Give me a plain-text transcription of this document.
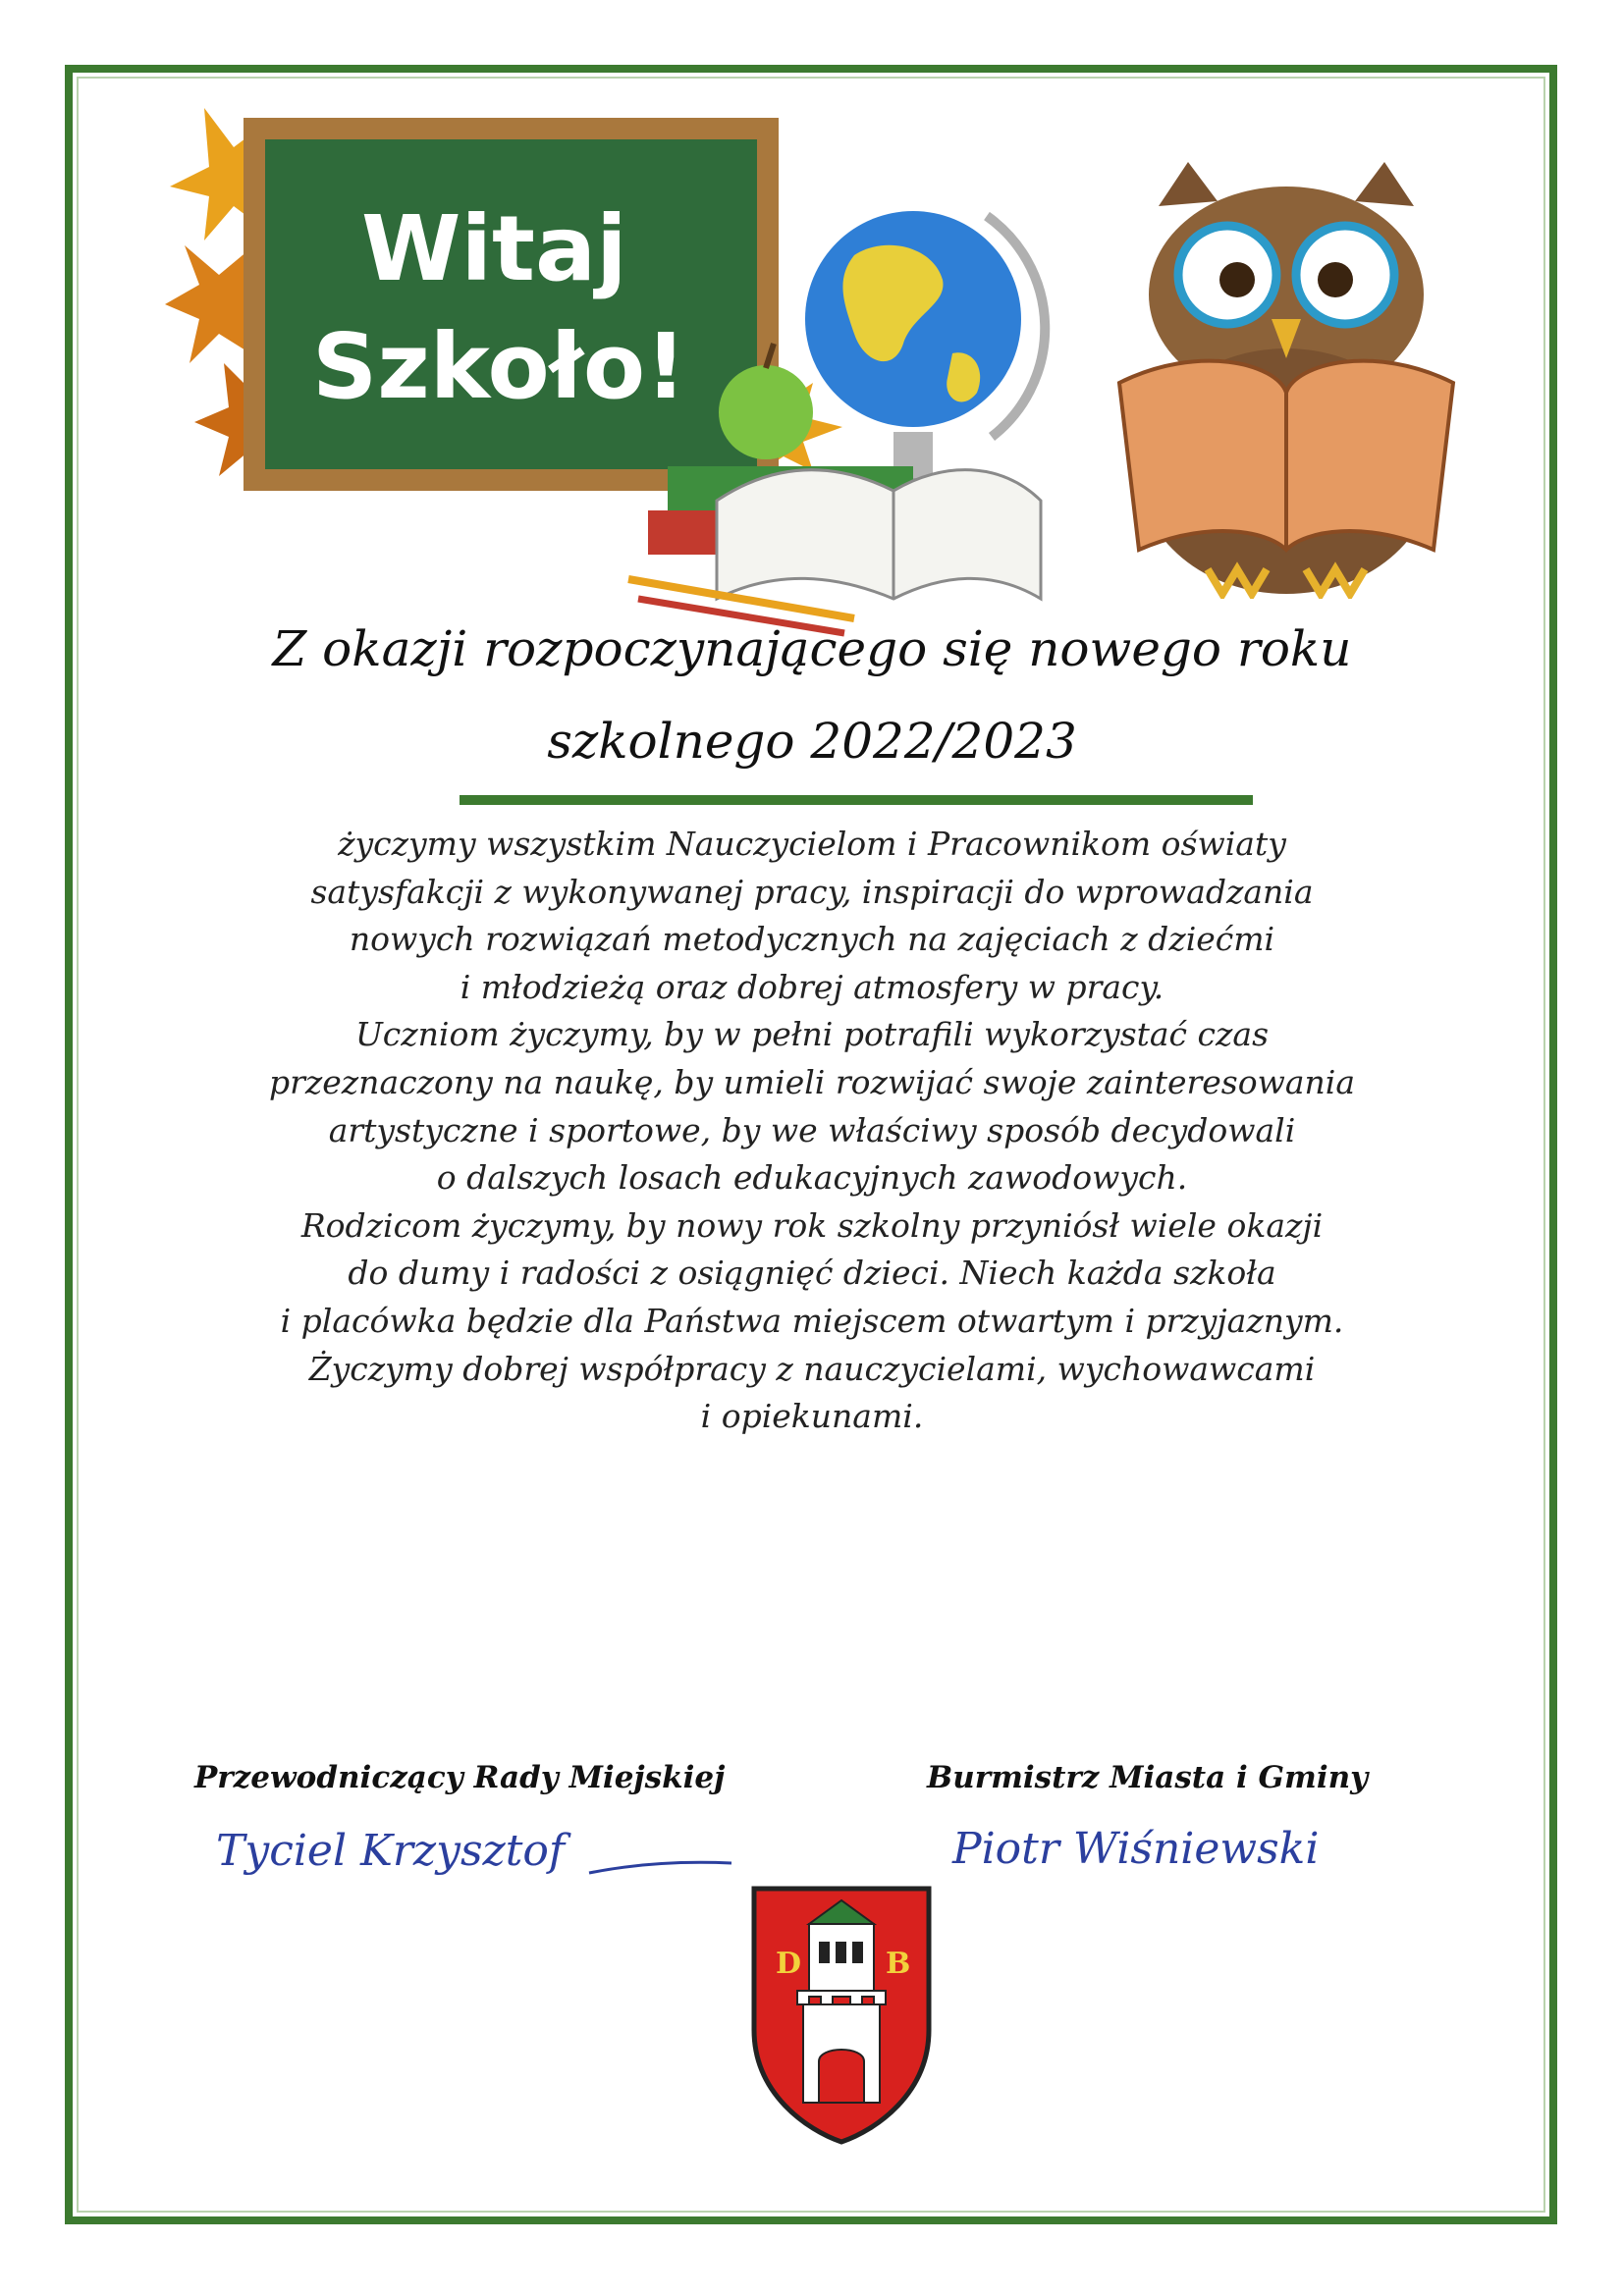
Witaj
Szkoło!
Z okazji rozpoczynającego się nowego roku
szkolnego 2022/2023
życzymy wszystkim Nauczycielom i Pracownikom oświaty
satysfakcji z wykonywanej pracy, inspiracji do wprowadzania
nowych rozwiązań metodycznych na zajęciach z dziećmi
i młodzieżą oraz dobrej atmosfery w pracy.
Uczniom życzymy, by w pełni potrafili wykorzystać czas
przeznaczony na naukę, by umieli rozwijać swoje zainteresowania
artystyczne i sportowe, by we właściwy sposób decydowali
o dalszych losach edukacyjnych zawodowych.
Rodzicom życzymy, by nowy rok szkolny przyniósł wiele okazji
do dumy i radości z osiągnięć dzieci. Niech każda szkoła
i placówka będzie dla Państwa miejscem otwartym i przyjaznym.
Życzymy dobrej współpracy z nauczycielami, wychowawcami
i opiekunami.
Przewodniczący Rady Miejskiej
Tyciel Krzysztof
Burmistrz Miasta i Gminy
Piotr Wiśniewski
D	B
